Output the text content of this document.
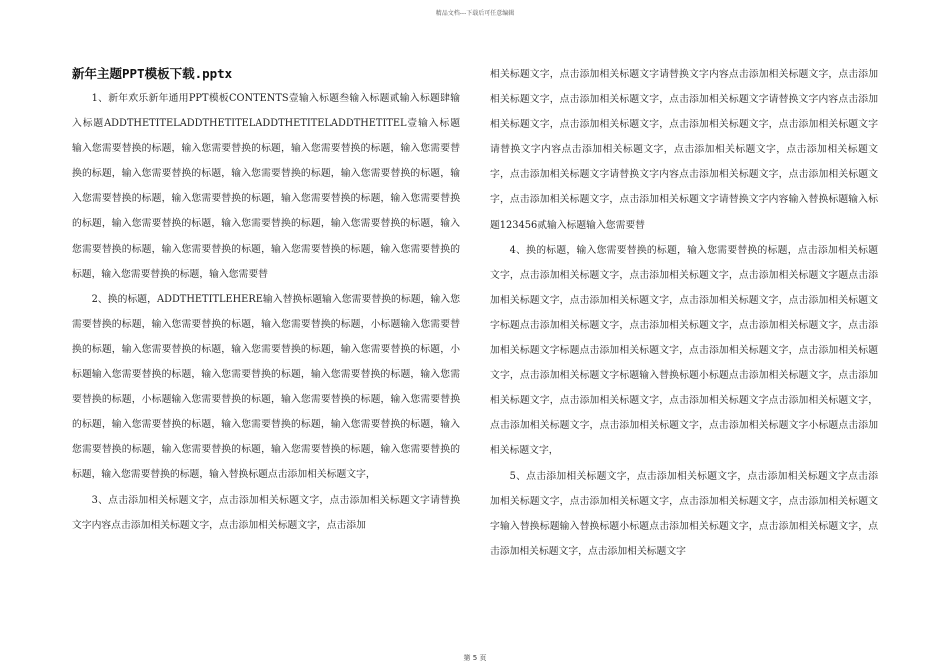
精品文档---下载后可任意编辑
新年主题PPT模板下载.pptx

1、新年欢乐新年通用PPT模板CONTENTS壹输入标题叁输入标题贰输入标题肆输入标题ADDTHETITELADDTHETITELADDTHETITELADDTHETITEL壹输入标题输入您需要替换的标题，输入您需要替换的标题，输入您需要替换的标题，输入您需要替换的标题，输入您需要替换的标题，输入您需要替换的标题，输入您需要替换的标题，输入您需要替换的标题，输入您需要替换的标题，输入您需要替换的标题，输入您需要替换的标题，输入您需要替换的标题，输入您需要替换的标题，输入您需要替换的标题，输入您需要替换的标题，输入您需要替换的标题，输入您需要替换的标题，输入您需要替换的标题，输入您需要替换的标题，输入您需要替

2、换的标题，ADDTHETITLEHERE输入替换标题输入您需要替换的标题，输入您需要替换的标题，输入您需要替换的标题，输入您需要替换的标题，小标题输入您需要替换的标题，输入您需要替换的标题，输入您需要替换的标题，输入您需要替换的标题，小标题输入您需要替换的标题，输入您需要替换的标题，输入您需要替换的标题，输入您需要替换的标题，小标题输入您需要替换的标题，输入您需要替换的标题，输入您需要替换的标题，输入您需要替换的标题，输入您需要替换的标题，输入您需要替换的标题，输入您需要替换的标题，输入您需要替换的标题，输入您需要替换的标题，输入您需要替换的标题，输入您需要替换的标题，输入替换标题点击添加相关标题文字，

3、点击添加相关标题文字，点击添加相关标题文字，点击添加相关标题文字请替换文字内容点击添加相关标题文字，点击添加相关标题文字，点击添加

相关标题文字，点击添加相关标题文字请替换文字内容点击添加相关标题文字，点击添加相关标题文字，点击添加相关标题文字，点击添加相关标题文字请替换文字内容点击添加相关标题文字，点击添加相关标题文字，点击添加相关标题文字，点击添加相关标题文字请替换文字内容点击添加相关标题文字，点击添加相关标题文字，点击添加相关标题文字，点击添加相关标题文字请替换文字内容点击添加相关标题文字，点击添加相关标题文字，点击添加相关标题文字，点击添加相关标题文字请替换文字内容输入替换标题输入标题123456贰输入标题输入您需要替

4、换的标题，输入您需要替换的标题，输入您需要替换的标题，点击添加相关标题文字，点击添加相关标题文字，点击添加相关标题文字，点击添加相关标题文字题点击添加相关标题文字，点击添加相关标题文字，点击添加相关标题文字，点击添加相关标题文字标题点击添加相关标题文字，点击添加相关标题文字，点击添加相关标题文字，点击添加相关标题文字标题点击添加相关标题文字，点击添加相关标题文字，点击添加相关标题文字，点击添加相关标题文字标题输入替换标题小标题点击添加相关标题文字，点击添加相关标题文字，点击添加相关标题文字，点击添加相关标题文字点击添加相关标题文字，点击添加相关标题文字，点击添加相关标题文字，点击添加相关标题文字小标题点击添加相关标题文字，

5、点击添加相关标题文字，点击添加相关标题文字，点击添加相关标题文字点击添加相关标题文字，点击添加相关标题文字，点击添加相关标题文字，点击添加相关标题文字输入替换标题输入替换标题小标题点击添加相关标题文字，点击添加相关标题文字，点击添加相关标题文字，点击添加相关标题文字

第 5 页
